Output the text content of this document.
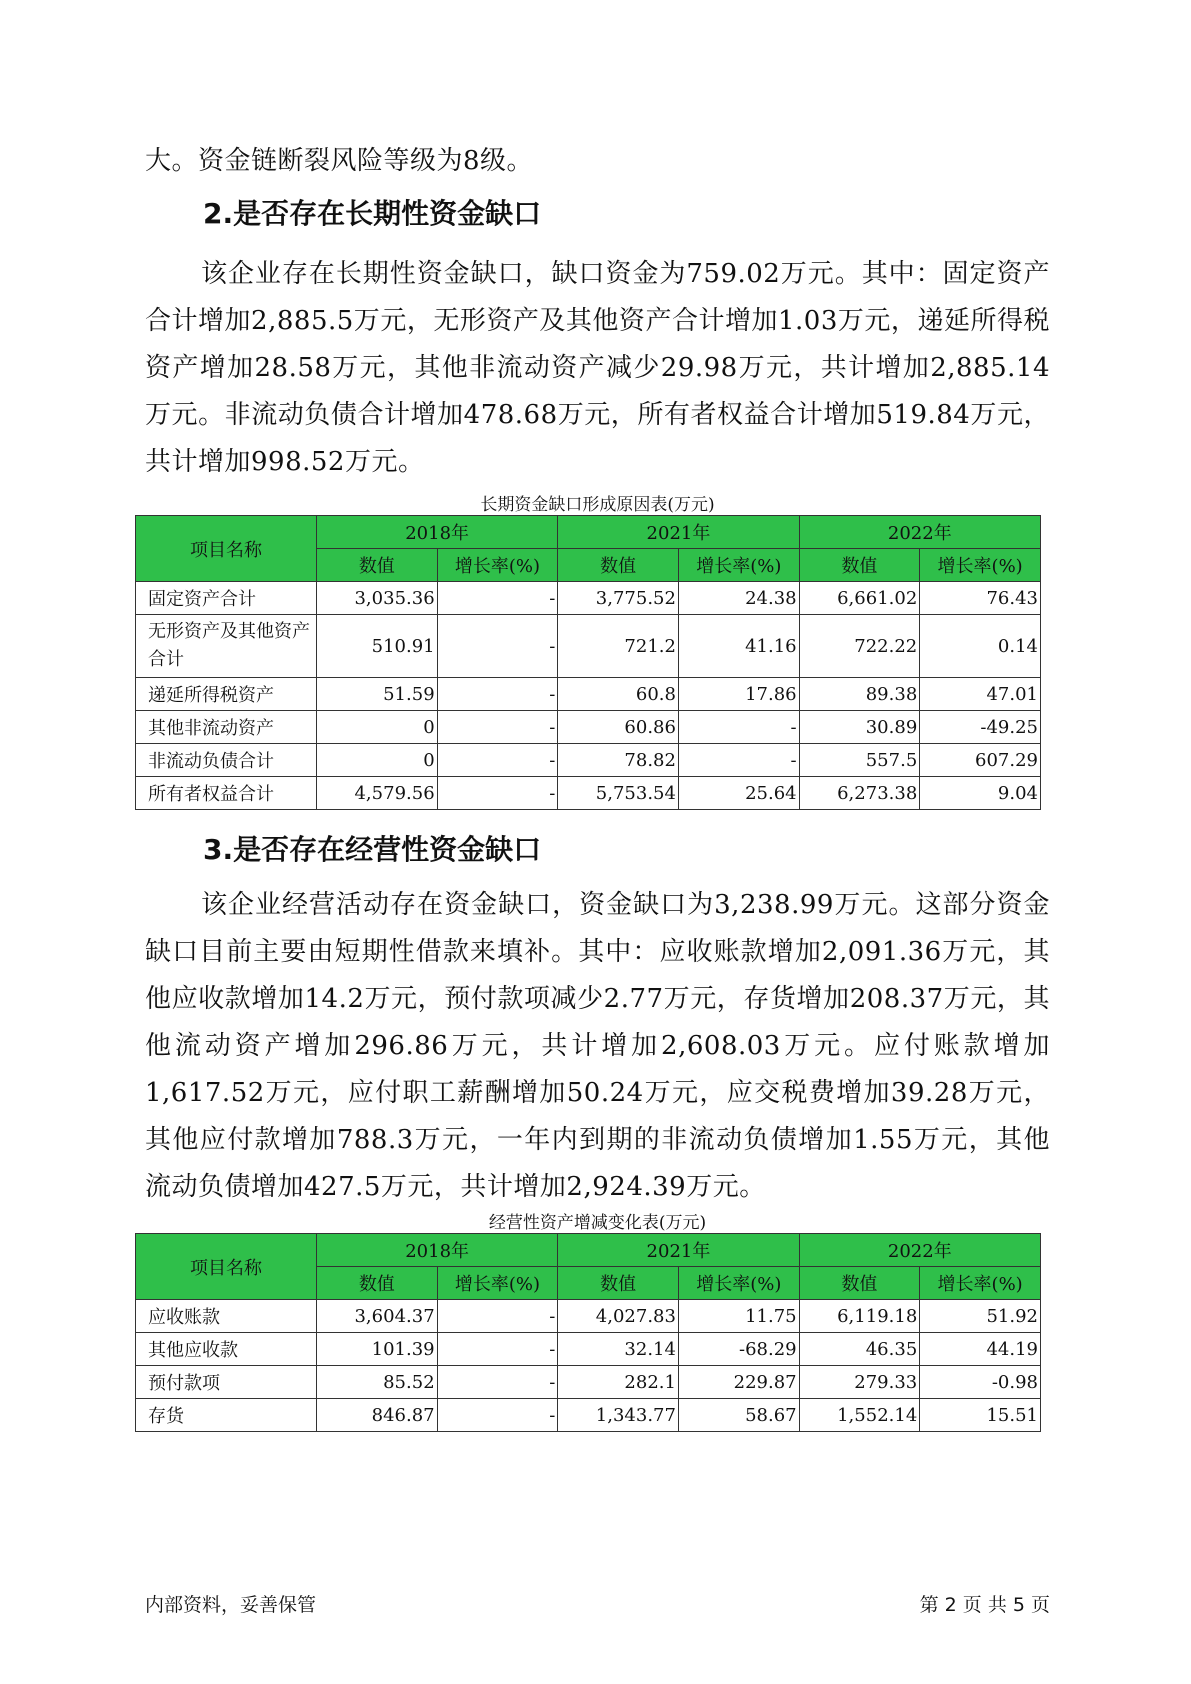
大。资金链断裂风险等级为8级。

2.是否存在长期性资金缺口

该企业存在长期性资金缺口，缺口资金为759.02万元。其中：固定资产合计增加2,885.5万元，无形资产及其他资产合计增加1.03万元，递延所得税资产增加28.58万元，其他非流动资产减少29.98万元，共计增加2,885.14万元。非流动负债合计增加478.68万元，所有者权益合计增加519.84万元，共计增加998.52万元。

长期资金缺口形成原因表(万元)

项目名称	2018年		2021年		2022年	
	数值	增长率(%)	数值	增长率(%)	数值	增长率(%)
固定资产合计	3,035.36	-	3,775.52	24.38	6,661.02	76.43
无形资产及其他资产合计	510.91	-	721.2	41.16	722.22	0.14
递延所得税资产	51.59	-	60.8	17.86	89.38	47.01
其他非流动资产	0	-	60.86	-	30.89	-49.25
非流动负债合计	0	-	78.82	-	557.5	607.29
所有者权益合计	4,579.56	-	5,753.54	25.64	6,273.38	9.04
3.是否存在经营性资金缺口

该企业经营活动存在资金缺口，资金缺口为3,238.99万元。这部分资金缺口目前主要由短期性借款来填补。其中：应收账款增加2,091.36万元，其他应收款增加14.2万元，预付款项减少2.77万元，存货增加208.37万元，其他流动资产增加296.86万元，共计增加2,608.03万元。应付账款增加1,617.52万元，应付职工薪酬增加50.24万元，应交税费增加39.28万元，其他应付款增加788.3万元，一年内到期的非流动负债增加1.55万元，其他流动负债增加427.5万元，共计增加2,924.39万元。

经营性资产增减变化表(万元)

项目名称	2018年		2021年		2022年	
	数值	增长率(%)	数值	增长率(%)	数值	增长率(%)
应收账款	3,604.37	-	4,027.83	11.75	6,119.18	51.92
其他应收款	101.39	-	32.14	-68.29	46.35	44.19
预付款项	85.52	-	282.1	229.87	279.33	-0.98
存货	846.87	-	1,343.77	58.67	1,552.14	15.51
内部资料，妥善保管	第 2 页 共 5 页
